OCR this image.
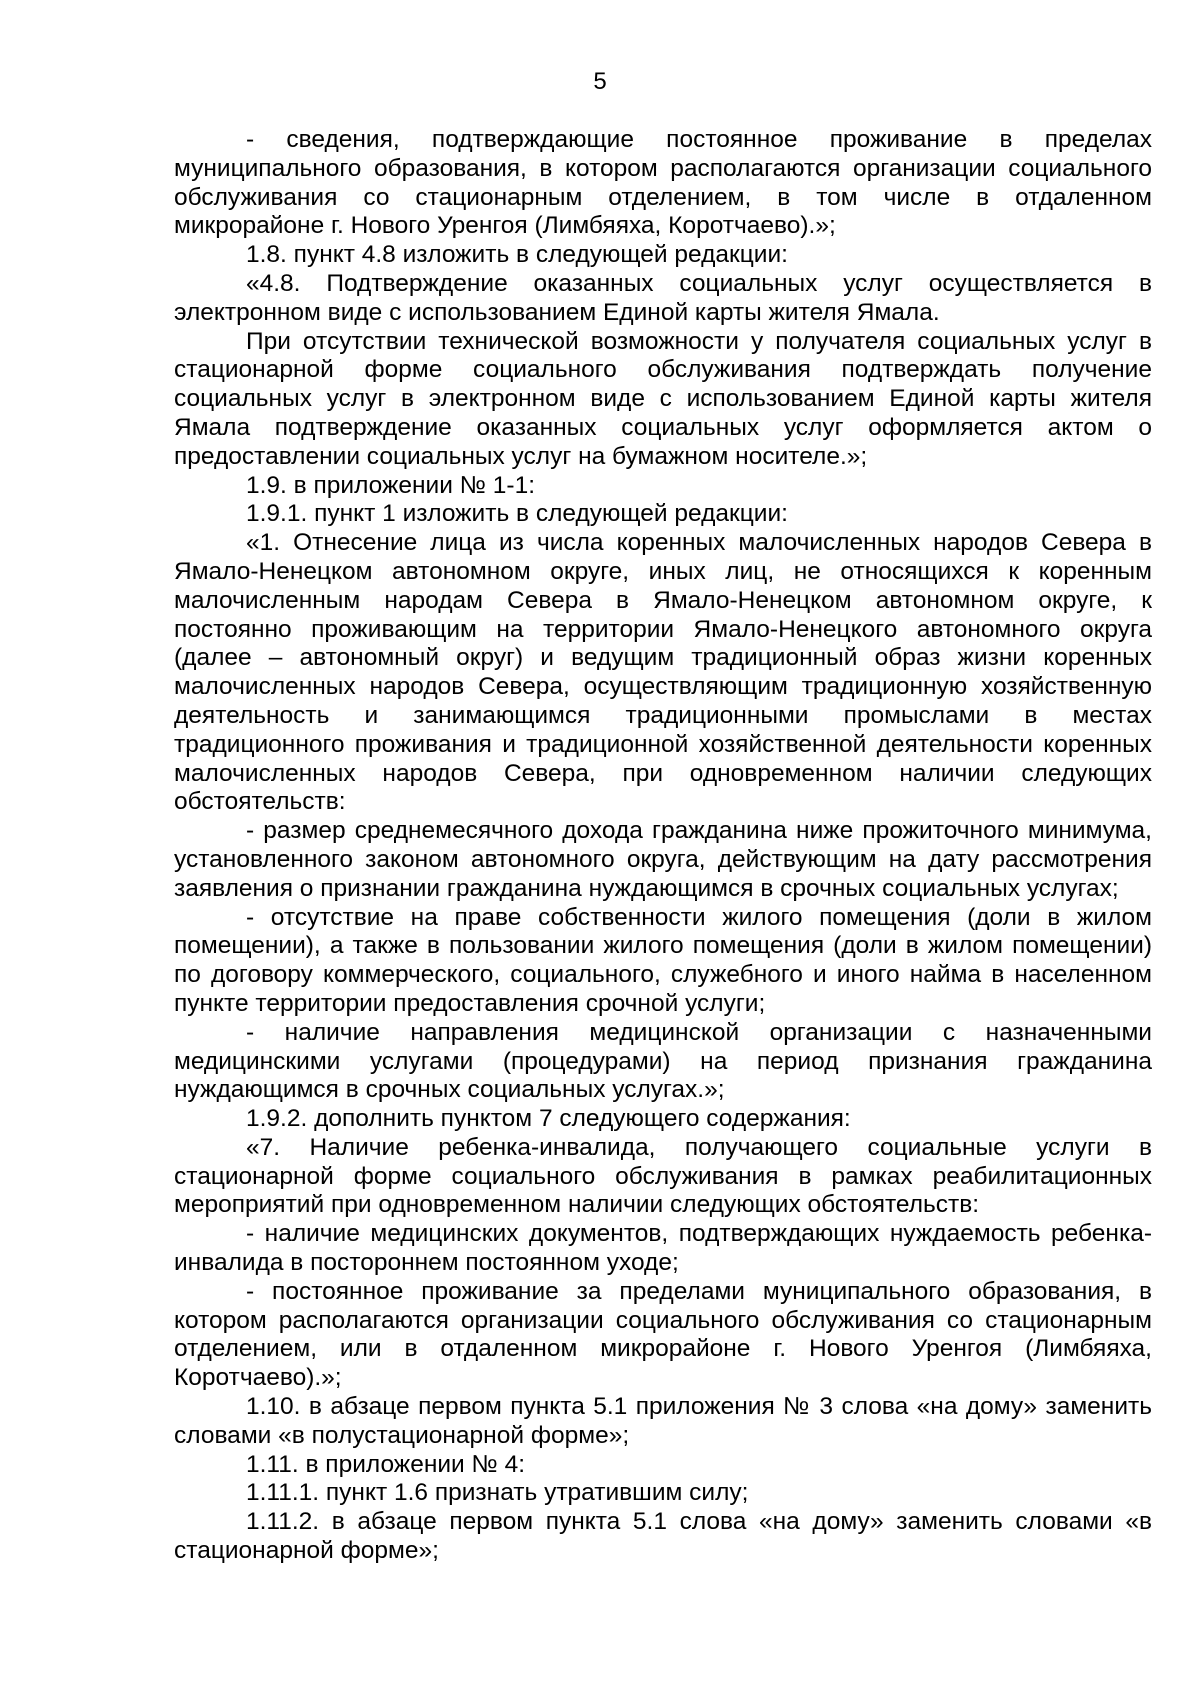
5

- сведения, подтверждающие постоянное проживание в пределах муниципального образования, в котором располагаются организации социального обслуживания со стационарным отделением, в том числе в отдаленном микрорайоне г. Нового Уренгоя (Лимбяяха, Коротчаево).»;

1.8. пункт 4.8 изложить в следующей редакции:

«4.8. Подтверждение оказанных социальных услуг осуществляется в электронном виде с использованием Единой карты жителя Ямала.

При отсутствии технической возможности у получателя социальных услуг в стационарной форме социального обслуживания подтверждать получение социальных услуг в электронном виде с использованием Единой карты жителя Ямала подтверждение оказанных социальных услуг оформляется актом о предоставлении социальных услуг на бумажном носителе.»;

1.9. в приложении № 1-1:

1.9.1. пункт 1 изложить в следующей редакции:

«1. Отнесение лица из числа коренных малочисленных народов Севера в Ямало-Ненецком автономном округе, иных лиц, не относящихся к коренным малочисленным народам Севера в Ямало-Ненецком автономном округе, к постоянно проживающим на территории Ямало-Ненецкого автономного округа (далее – автономный округ) и ведущим традиционный образ жизни коренных малочисленных народов Севера, осуществляющим традиционную хозяйственную деятельность и занимающимся традиционными промыслами в местах традиционного проживания и традиционной хозяйственной деятельности коренных малочисленных народов Севера, при одновременном наличии следующих обстоятельств:

- размер среднемесячного дохода гражданина ниже прожиточного минимума, установленного законом автономного округа, действующим на дату рассмотрения заявления о признании гражданина нуждающимся в срочных социальных услугах;

- отсутствие на праве собственности жилого помещения (доли в жилом помещении), а также в пользовании жилого помещения (доли в жилом помещении) по договору коммерческого, социального, служебного и иного найма в населенном пункте территории предоставления срочной услуги;

- наличие направления медицинской организации с назначенными медицинскими услугами (процедурами) на период признания гражданина нуждающимся в срочных социальных услугах.»;

1.9.2. дополнить пунктом 7 следующего содержания:

«7. Наличие ребенка-инвалида, получающего социальные услуги в стационарной форме социального обслуживания в рамках реабилитационных мероприятий при одновременном наличии следующих обстоятельств:

- наличие медицинских документов, подтверждающих нуждаемость ребенка-инвалида в постороннем постоянном уходе;

- постоянное проживание за пределами муниципального образования, в котором располагаются организации социального обслуживания со стационарным отделением, или в отдаленном микрорайоне г. Нового Уренгоя (Лимбяяха, Коротчаево).»;

1.10. в абзаце первом пункта 5.1 приложения № 3 слова «на дому» заменить словами «в полустационарной форме»;

1.11. в приложении № 4:

1.11.1. пункт 1.6 признать утратившим силу;

1.11.2. в абзаце первом пункта 5.1 слова «на дому» заменить словами «в стационарной форме»;
